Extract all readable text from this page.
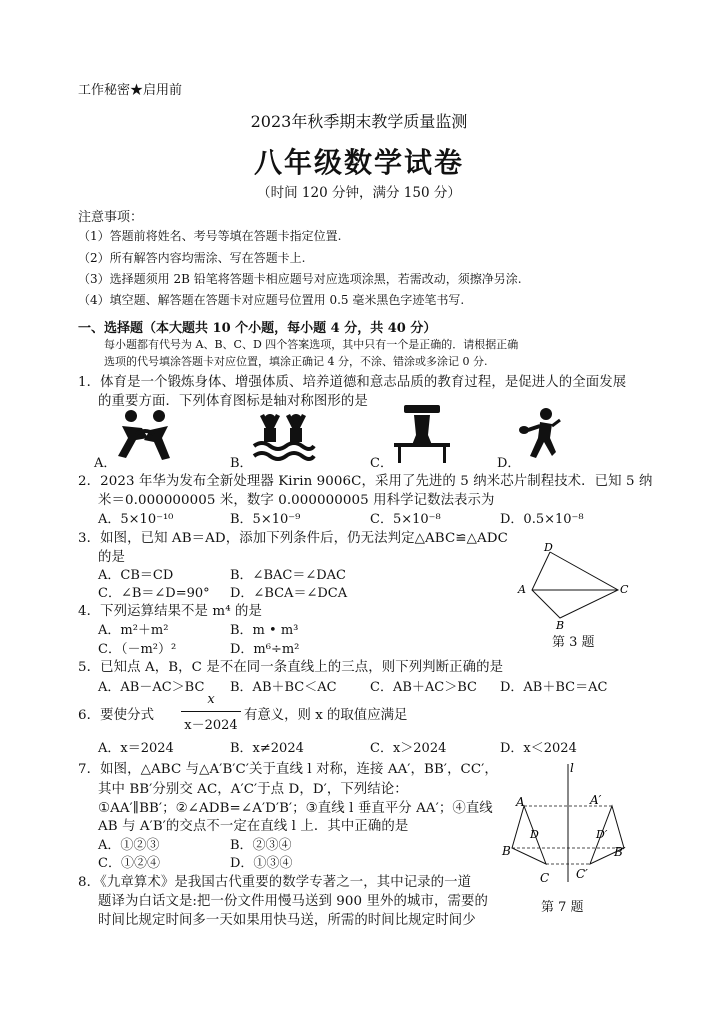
工作秘密★启用前
2023年秋季期末教学质量监测
八年级数学试卷
（时间 120 分钟，满分 150 分）
注意事项：
（1）答题前将姓名、考号等填在答题卡指定位置.
（2）所有解答内容均需涂、写在答题卡上.
（3）选择题须用 2B 铅笔将答题卡相应题号对应选项涂黑，若需改动，须擦净另涂.
（4）填空题、解答题在答题卡对应题号位置用 0.5 毫米黑色字迹笔书写.
一、选择题（本大题共 10 个小题，每小题 4 分，共 40 分）
每小题都有代号为 A、B、C、D 四个答案选项，其中只有一个是正确的．请根据正确
选项的代号填涂答题卡对应位置，填涂正确记 4 分，不涂、错涂或多涂记 0 分.
1．体育是一个锻炼身体、增强体质、培养道德和意志品质的教育过程，是促进人的全面发展
的重要方面．下列体育图标是轴对称图形的是
A．	B．	C．	D．
2．2023 年华为发布全新处理器 Kirin 9006C，采用了先进的 5 纳米芯片制程技术．已知 5 纳
米＝0.000000005 米，数字 0.000000005 用科学记数法表示为
A．5×10⁻¹⁰	B．5×10⁻⁹	C．5×10⁻⁸	D．0.5×10⁻⁸
3．如图，已知 AB＝AD，添加下列条件后，仍无法判定△ABC≌△ADC
的是
A．CB＝CD	B．∠BAC＝∠DAC
C．∠B＝∠D=90° D．∠BCA＝∠DCA
D
A	C
B
第 3 题
4．下列运算结果不是 m⁴ 的是
A．m²＋m²	B．m • m³
C．（－m²）²	D．m⁶÷m²
5．已知点 A，B，C 是不在同一条直线上的三点，则下列判断正确的是
A．AB－AC＞BC B．AB＋BC＜AC	C．AB＋AC＞BC D．AB＋BC＝AC
6．要使分式
x
x－2024
有意义，则 x 的取值应满足
A．x＝2024	B．x≠2024	C．x＞2024	D．x＜2024
7．如图，△ABC 与△A′B′C′关于直线 l 对称，连接 AA′，BB′，CC′，
其中 BB′分别交 AC，A′C′于点 D，D′，下列结论：
①AA′∥BB′；②∠ADB=∠A′D′B′；③直线 l 垂直平分 AA′；④直线
AB 与 A′B′的交点不一定在直线 l 上．其中正确的是
A．①②③	B．②③④
C．①②④	D．①③④
l
A	A′
D	D′
B	B′
C C′
第 7 题
8．《九章算术》是我国古代重要的数学专著之一，其中记录的一道
题译为白话文是:把一份文件用慢马送到 900 里外的城市，需要的
时间比规定时间多一天如果用快马送，所需的时间比规定时间少
